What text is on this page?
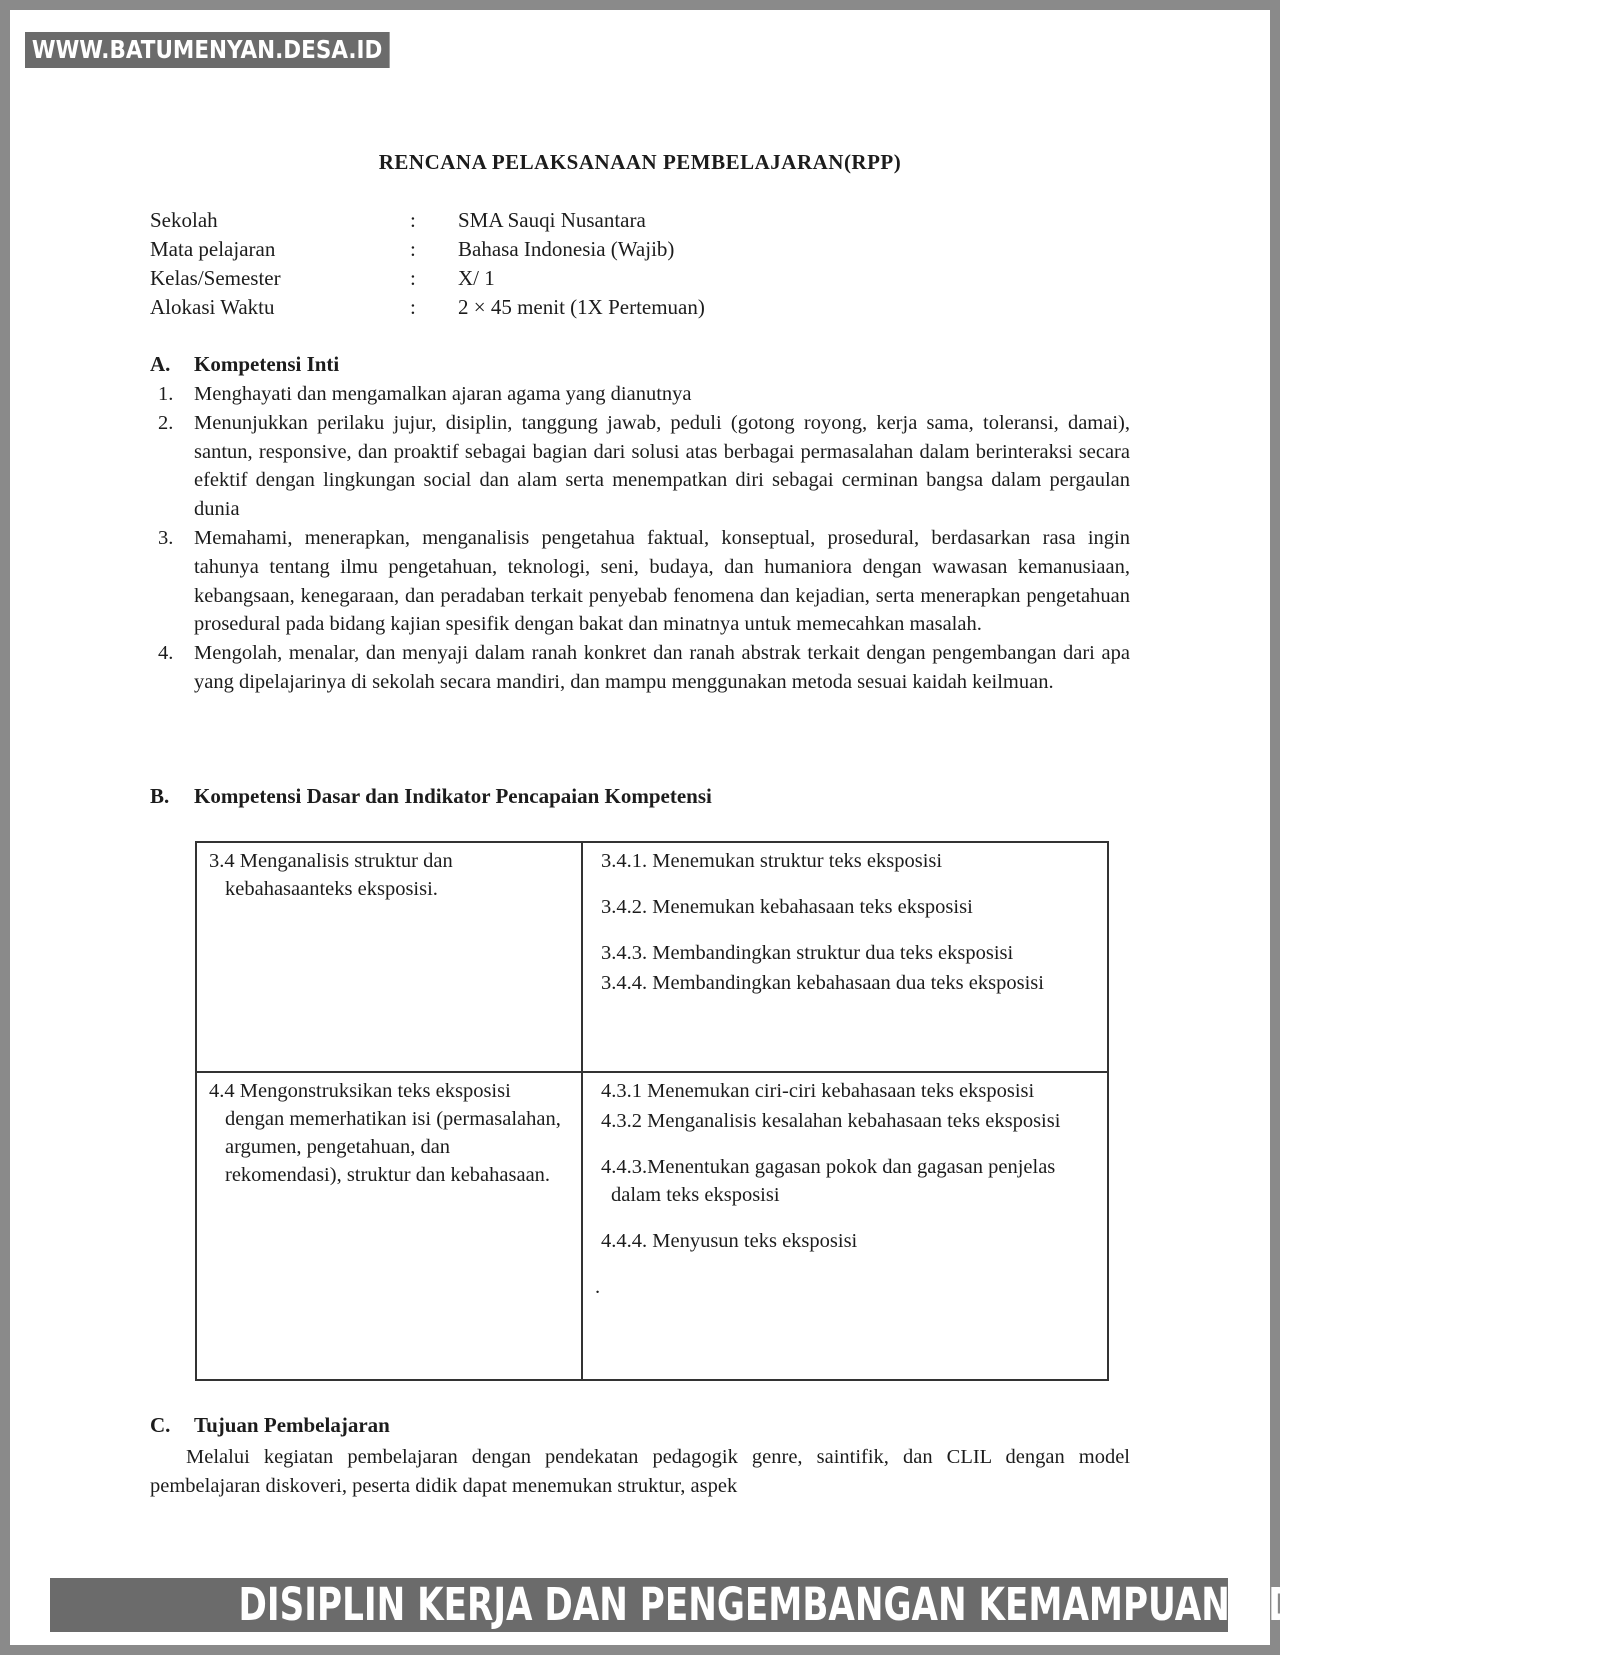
WWW.BATUMENYAN.DESA.ID
RENCANA PELAKSANAAN PEMBELAJARAN(RPP)
Sekolah	:	SMA Sauqi Nusantara
Mata pelajaran	:	Bahasa Indonesia (Wajib)
Kelas/Semester	:	X/ 1
Alokasi Waktu	:	2 × 45 menit (1X Pertemuan)
A. Kompetensi Inti
1.	Menghayati dan mengamalkan ajaran agama yang dianutnya
2.	Menunjukkan perilaku jujur, disiplin, tanggung jawab, peduli (gotong royong, kerja sama, toleransi, damai), santun, responsive, dan proaktif sebagai bagian dari solusi atas berbagai permasalahan dalam berinteraksi secara efektif dengan lingkungan social dan alam serta menempatkan diri sebagai cerminan bangsa dalam pergaulan dunia
3.	Memahami, menerapkan, menganalisis pengetahua faktual, konseptual, prosedural, berdasarkan rasa ingin tahunya tentang ilmu pengetahuan, teknologi, seni, budaya, dan humaniora dengan wawasan kemanusiaan, kebangsaan, kenegaraan, dan peradaban terkait penyebab fenomena dan kejadian, serta menerapkan pengetahuan prosedural pada bidang kajian spesifik dengan bakat dan minatnya untuk memecahkan masalah.
4.	Mengolah, menalar, dan menyaji dalam ranah konkret dan ranah abstrak terkait dengan pengembangan dari apa yang dipelajarinya di sekolah secara mandiri, dan mampu menggunakan metoda sesuai kaidah keilmuan.
B. Kompetensi Dasar dan Indikator Pencapaian Kompetensi
3.4 Menganalisis struktur dan kebahasaanteks eksposisi.	3.4.1. Menemukan struktur teks eksposisi
3.4.2. Menemukan kebahasaan teks eksposisi
3.4.3. Membandingkan struktur dua teks eksposisi
3.4.4. Membandingkan kebahasaan dua teks eksposisi

4.4 Mengonstruksikan teks eksposisi dengan memerhatikan isi (permasalahan, argumen, pengetahuan, dan rekomendasi), struktur dan kebahasaan.	4.3.1 Menemukan ciri-ciri kebahasaan teks eksposisi
4.3.2 Menganalisis kesalahan kebahasaan teks eksposisi
4.4.3.Menentukan gagasan pokok dan gagasan penjelas dalam teks eksposisi
4.4.4. Menyusun teks eksposisi
.
C. Tujuan Pembelajaran

Melalui kegiatan pembelajaran dengan pendekatan pedagogik genre, saintifik, dan CLIL dengan model pembelajaran diskoveri, peserta didik dapat menemukan struktur, aspek

DISIPLIN KERJA DAN PENGEMBANGAN KEMAMPUAN ADAPTASI
